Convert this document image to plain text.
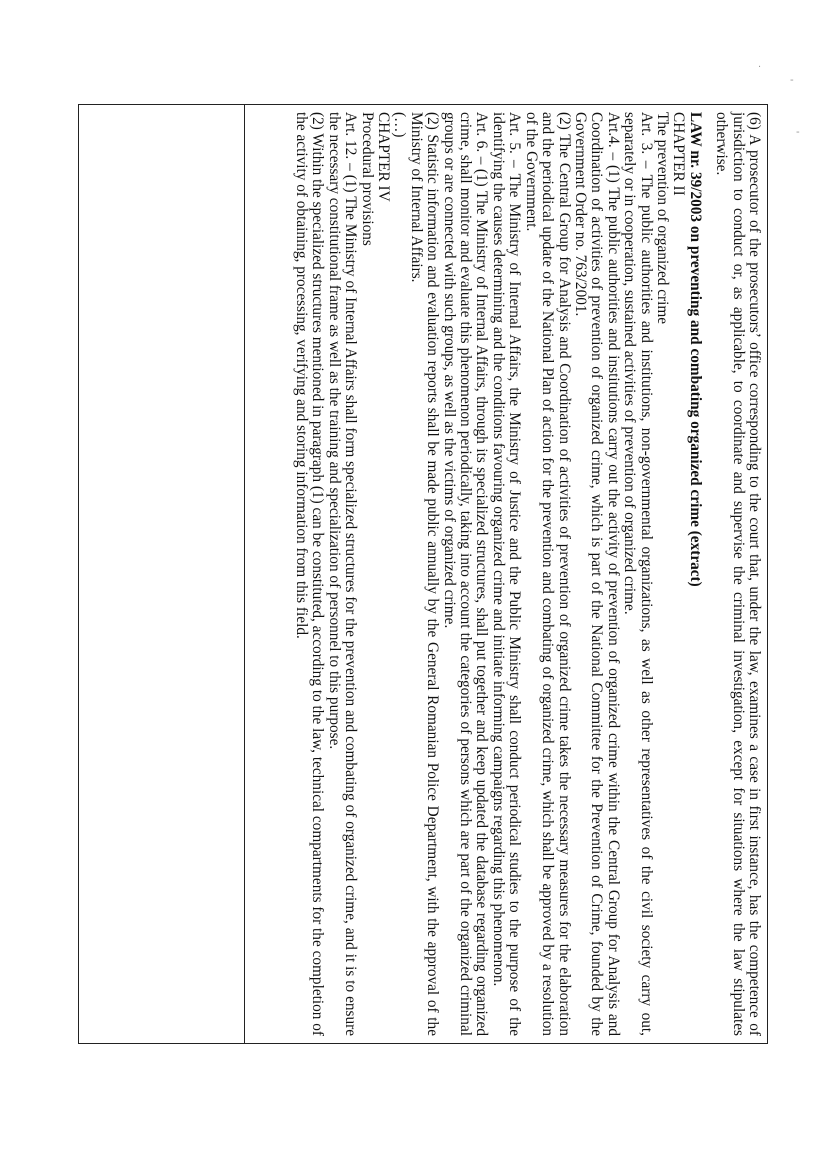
.
-
-

(6) A prosecutor of the prosecutors’ office corresponding to the court that, under the law, examines a case in first instance, has the competence of jurisdiction to conduct or, as applicable, to coordinate and supervise the criminal investigation, except for situations where the law stipulates otherwise.

LAW nr. 39/2003 on preventing and combating organized crime (extract)

CHAPTER II

The prevention of organized crime

Art. 3. – The public authorities and institutions, non-governmental organizations, as well as other representatives of the civil society carry out, separately or in cooperation, sustained activities of prevention of organized crime.

Art.4. – (1) The public authorities and institutions carry out the activity of prevention of organized crime within the Central Group for Analysis and Coordination of activities of prevention of organized crime, which is part of the National Committee for the Prevention of Crime, founded by the Government Order no. 763/2001.

(2) The Central Group for Analysis and Coordination of activities of prevention of organized crime takes the necessary measures for the elaboration and the periodical update of the National Plan of action for the prevention and combating of organized crime, which shall be approved by a resolution of the Government.

Art. 5. – The Ministry of Internal Affairs, the Ministry of Justice and the Public Ministry shall conduct periodical studies to the purpose of the identifying the causes determining and the conditions favouring organized crime and initiate informing campaigns regarding this phenomenon.

Art. 6. – (1) The Ministry of Internal Affairs, through its specialized structures, shall put together and keep updated the database regarding organized crime, shall monitor and evaluate this phenomenon periodically, taking into account the categories of persons which are part of the organized criminal groups or are connected with such groups, as well as the victims of organized crime.

(2) Statistic information and evaluation reports shall be made public annually by the General Romanian Police Department, with the approval of the Ministry of Internal Affairs.

(…)

CHAPTER IV

Procedural provisions

Art. 12. – (1) The Ministry of Internal Affairs shall form specialized structures for the prevention and combating of organized crime, and it is to ensure the necessary constitutional frame as well as the training and specialization of personnel to this purpose.

(2) Within the specialized structures mentioned in paragraph (1) can be constituted, according to the law, technical compartments for the completion of the activity of obtaining, processing, verifying and storing information from this field.
